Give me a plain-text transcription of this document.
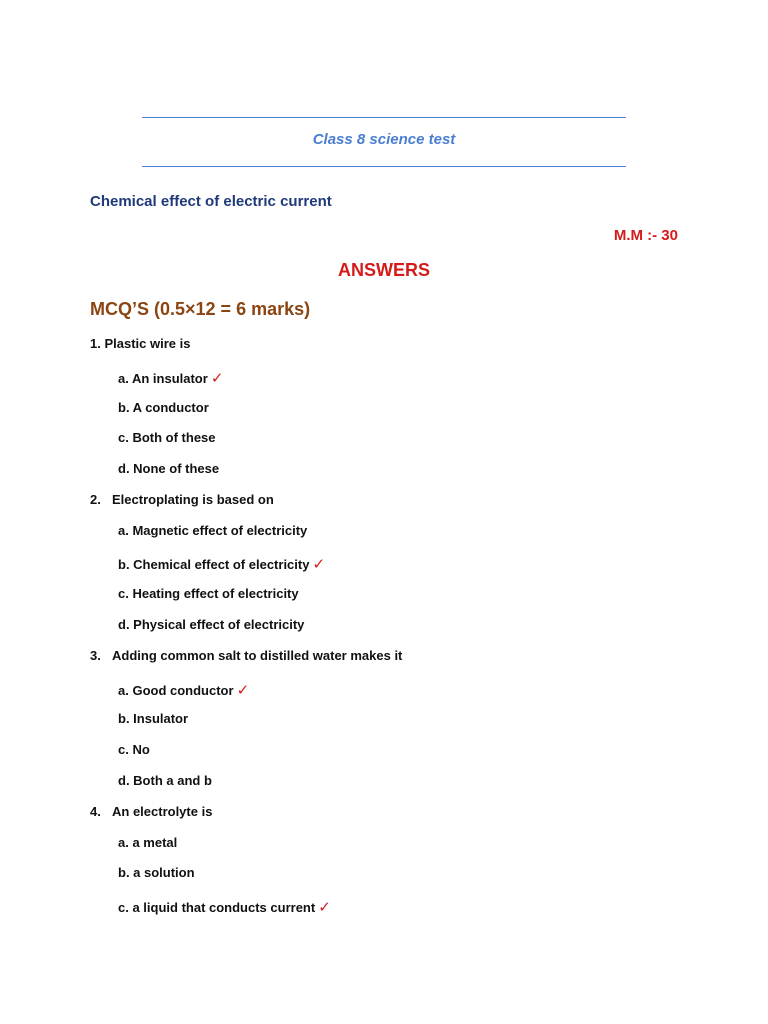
Class 8 science test
Chemical effect of electric current
M.M :- 30
ANSWERS
MCQ’S (0.5×12 = 6 marks)
1. Plastic wire is
a. An insulator ✓
b. A conductor
c. Both of these
d. None of these
2. Electroplating is based on
a. Magnetic effect of electricity
b. Chemical effect of electricity ✓
c. Heating effect of electricity
d. Physical effect of electricity
3. Adding common salt to distilled water makes it
a. Good conductor ✓
b. Insulator
c. No
d. Both a and b
4. An electrolyte is
a. a metal
b. a solution
c. a liquid that conducts current ✓
